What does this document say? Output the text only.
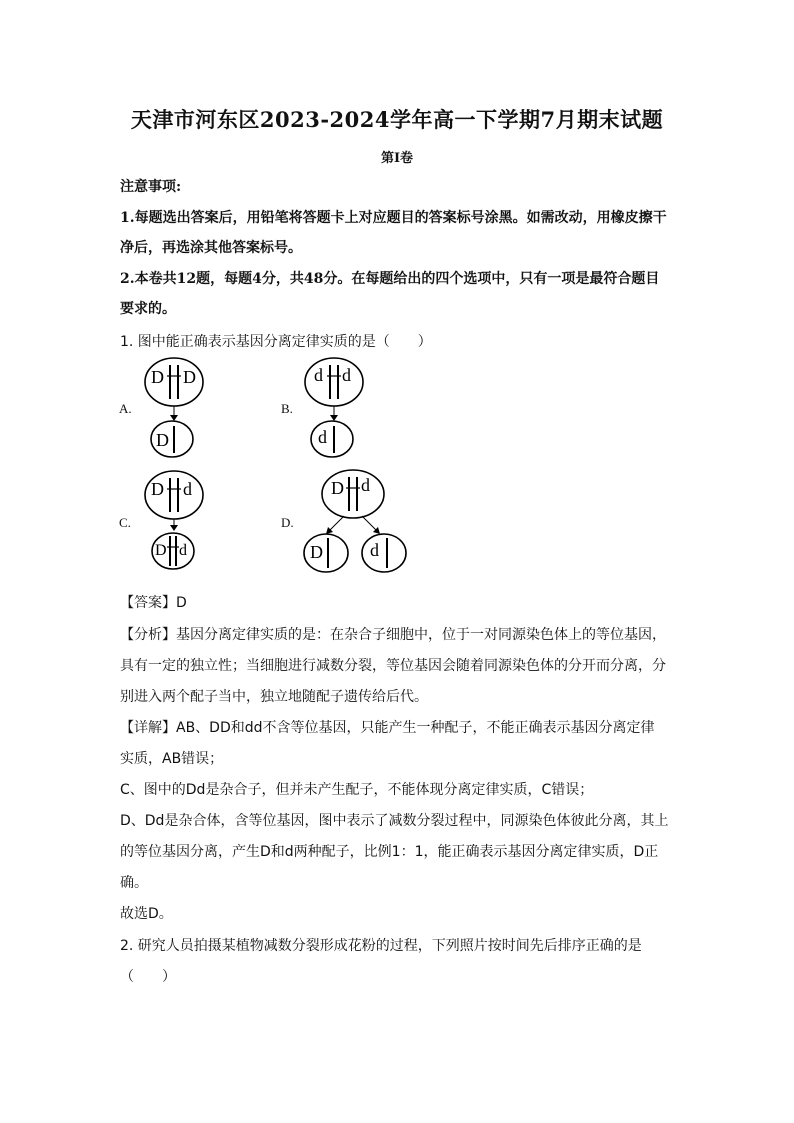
天津市河东区2023-2024学年高一下学期7月期末试题
第Ⅰ卷
注意事项:
1.每题选出答案后，用铅笔将答题卡上对应题目的答案标号涂黑。如需改动，用橡皮擦干
净后，再选涂其他答案标号。
2.本卷共12题，每题4分，共48分。在每题给出的四个选项中，只有一项是最符合题目
要求的。
1. 图中能正确表示基因分离定律实质的是（　　）
A.
D D
D
B.
d d
d
C.
D d
D d
D.
D d
D	d
【答案】D
【分析】基因分离定律实质的是：在杂合子细胞中，位于一对同源染色体上的等位基因，
具有一定的独立性；当细胞进行减数分裂，等位基因会随着同源染色体的分开而分离，分
别进入两个配子当中，独立地随配子遗传给后代。
【详解】AB、DD和dd不含等位基因，只能产生一种配子，不能正确表示基因分离定律
实质，AB错误；
C、图中的Dd是杂合子，但并未产生配子，不能体现分离定律实质，C错误；
D、Dd是杂合体，含等位基因，图中表示了减数分裂过程中，同源染色体彼此分离，其上
的等位基因分离，产生D和d两种配子，比例1：1，能正确表示基因分离定律实质，D正
确。
故选D。
2. 研究人员拍摄某植物减数分裂形成花粉的过程，下列照片按时间先后排序正确的是
（　　）
